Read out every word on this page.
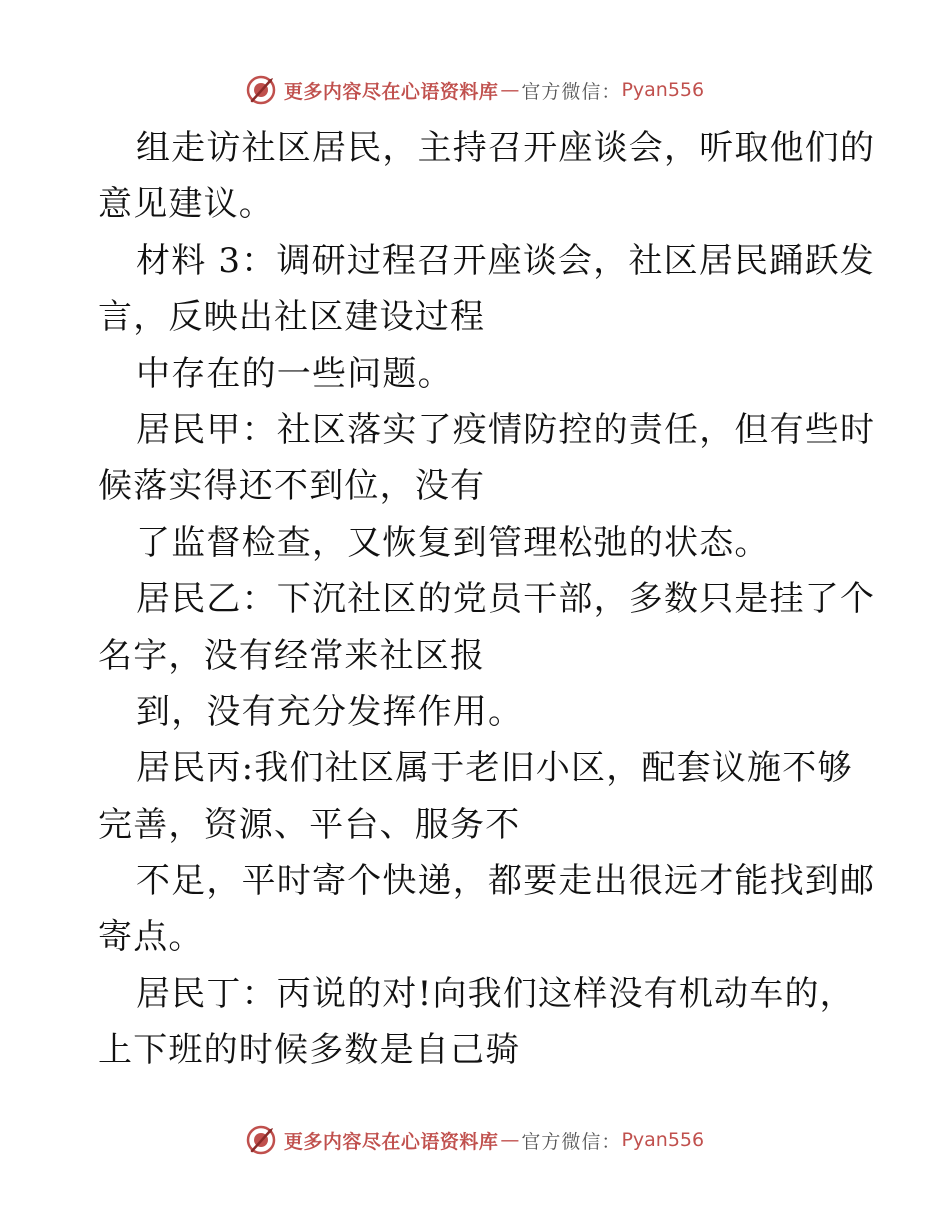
更多内容尽在心语资料库 — 官方微信： Pyan556
组走访社区居民，主持召开座谈会，听取他们的
意见建议。
材料 3：调研过程召开座谈会，社区居民踊跃发
言，反映出社区建设过程
中存在的一些问题。
居民甲：社区落实了疫情防控的责任，但有些时
候落实得还不到位，没有
了监督检查，又恢复到管理松弛的状态。
居民乙：下沉社区的党员干部，多数只是挂了个
名字，没有经常来社区报
到，没有充分发挥作用。
居民丙:我们社区属于老旧小区，配套议施不够
完善，资源、平台、服务不
不足，平时寄个快递，都要走出很远才能找到邮
寄点。
居民丁：丙说的对!向我们这样没有机动车的，
上下班的时候多数是自己骑
更多内容尽在心语资料库 — 官方微信： Pyan556
